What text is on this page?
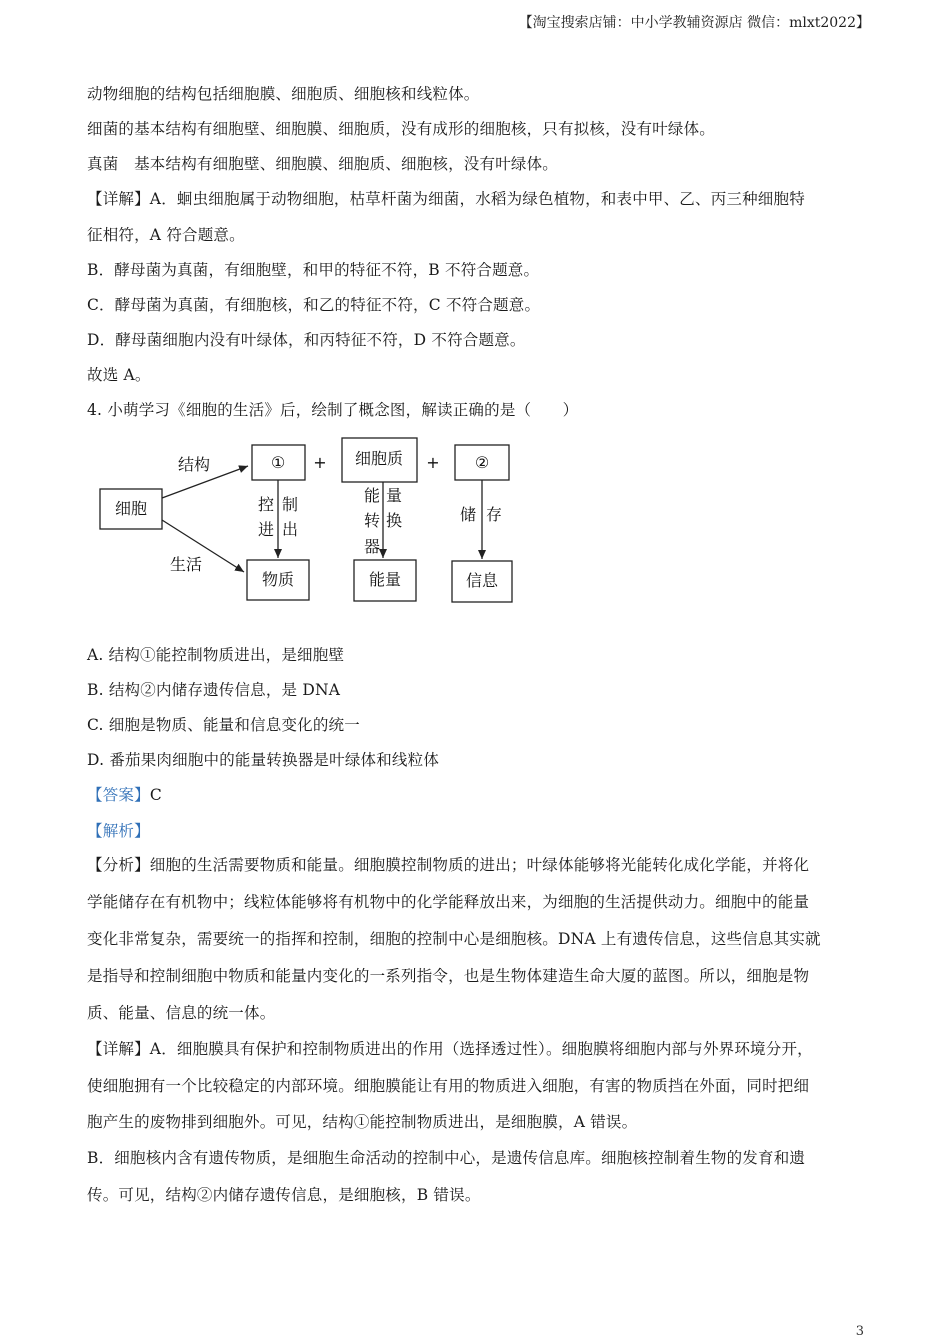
【淘宝搜索店铺：中小学教辅资源店 微信：mlxt2022】
动物细胞的结构包括细胞膜、细胞质、细胞核和线粒体。
细菌的基本结构有细胞壁、细胞膜、细胞质，没有成形的细胞核，只有拟核，没有叶绿体。
真菌　基本结构有细胞壁、细胞膜、细胞质、细胞核，没有叶绿体。
【详解】A．蛔虫细胞属于动物细胞，枯草杆菌为细菌，水稻为绿色植物，和表中甲、乙、丙三种细胞特
征相符，A 符合题意。
B．酵母菌为真菌，有细胞壁，和甲的特征不符，B 不符合题意。
C．酵母菌为真菌，有细胞核，和乙的特征不符，C 不符合题意。
D．酵母菌细胞内没有叶绿体，和丙特征不符，D 不符合题意。
故选 A。
4. 小萌学习《细胞的生活》后，绘制了概念图，解读正确的是（　　）
细胞
①	细胞质	②
+	+
物质	能量	信息
结构
生活
控 制
进 出
能 量
转 换
器
储 存
A. 结构①能控制物质进出，是细胞壁
B. 结构②内储存遗传信息，是 DNA
C. 细胞是物质、能量和信息变化的统一
D. 番茄果肉细胞中的能量转换器是叶绿体和线粒体
【答案】C
【解析】
【分析】细胞的生活需要物质和能量。细胞膜控制物质的进出；叶绿体能够将光能转化成化学能，并将化
学能储存在有机物中；线粒体能够将有机物中的化学能释放出来，为细胞的生活提供动力。细胞中的能量
变化非常复杂，需要统一的指挥和控制，细胞的控制中心是细胞核。DNA 上有遗传信息，这些信息其实就
是指导和控制细胞中物质和能量内变化的一系列指令，也是生物体建造生命大厦的蓝图。所以，细胞是物
质、能量、信息的统一体。
【详解】A．细胞膜具有保护和控制物质进出的作用（选择透过性）。细胞膜将细胞内部与外界环境分开，
使细胞拥有一个比较稳定的内部环境。细胞膜能让有用的物质进入细胞，有害的物质挡在外面，同时把细
胞产生的废物排到细胞外。可见，结构①能控制物质进出，是细胞膜，A 错误。
B．细胞核内含有遗传物质，是细胞生命活动的控制中心，是遗传信息库。细胞核控制着生物的发育和遗
传。可见，结构②内储存遗传信息，是细胞核，B 错误。
3
